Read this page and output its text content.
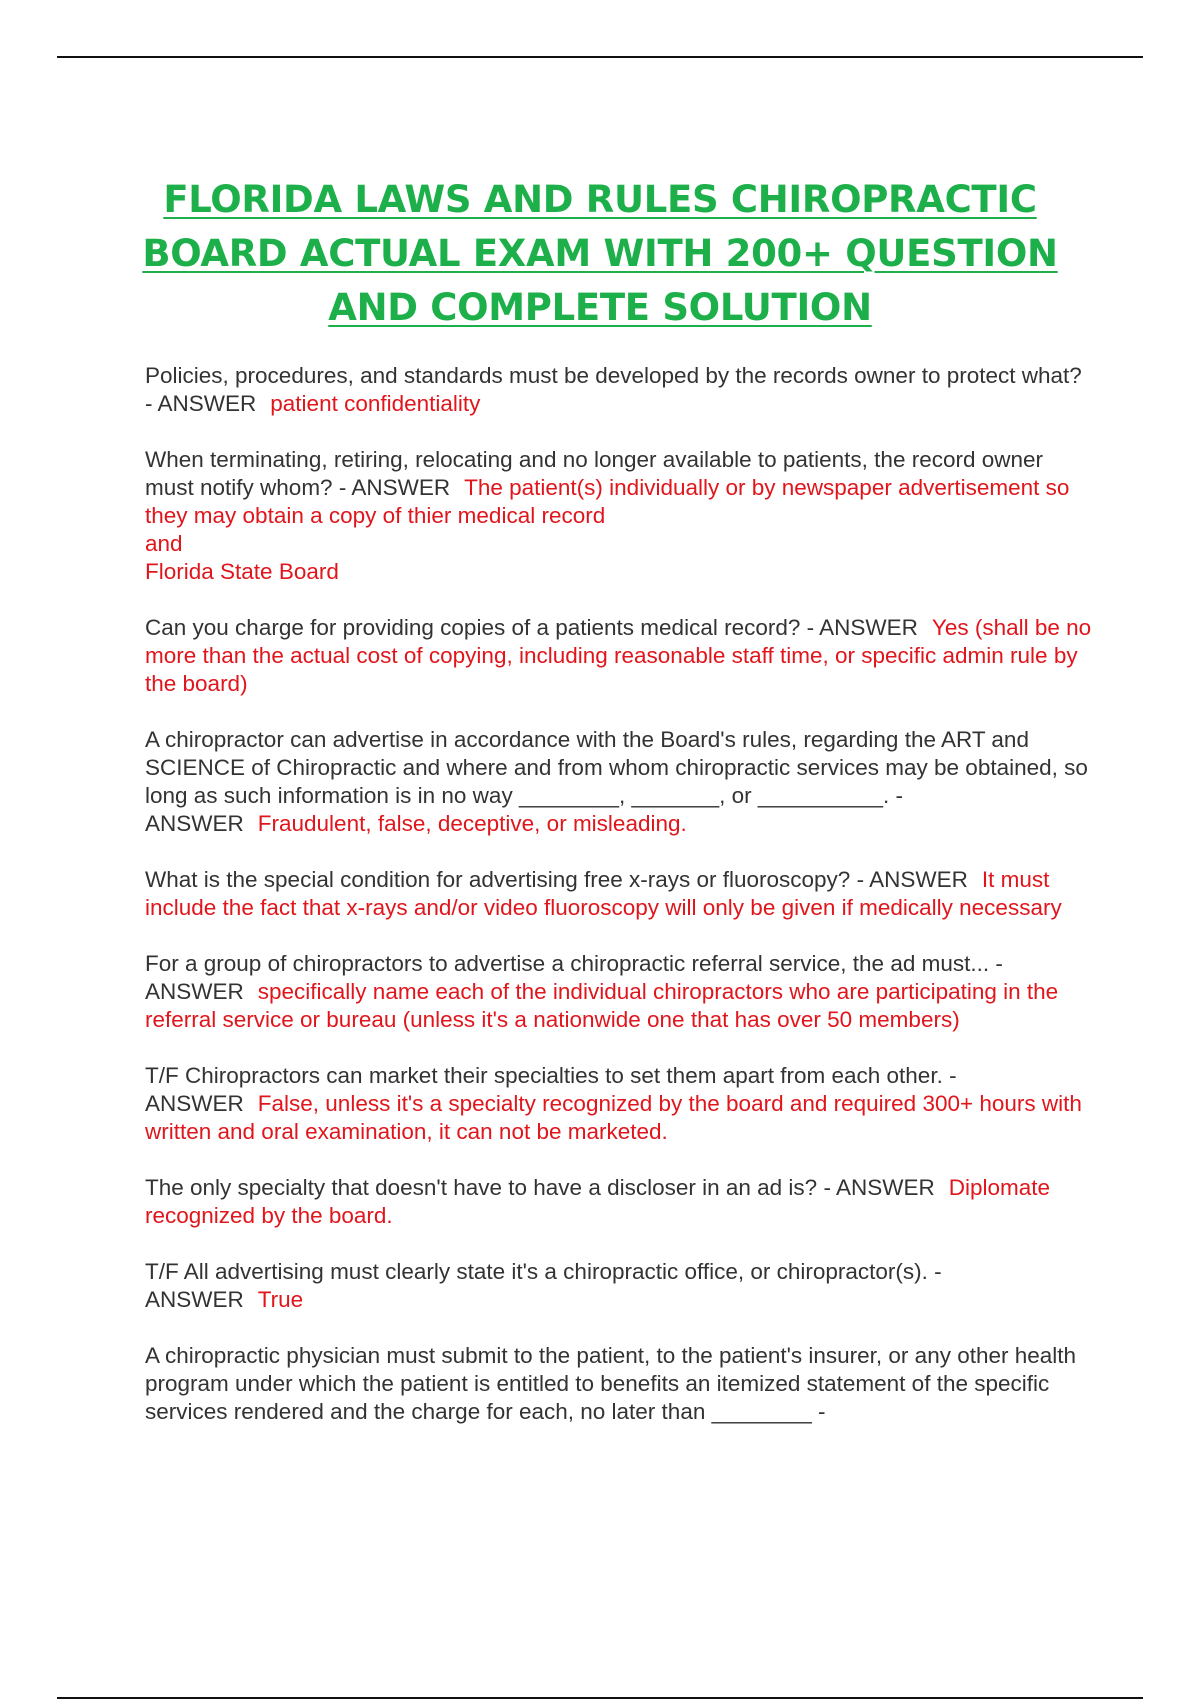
FLORIDA LAWS AND RULES CHIROPRACTIC
BOARD ACTUAL EXAM WITH 200+ QUESTION
AND COMPLETE SOLUTION
Policies, procedures, and standards must be developed by the records owner to protect what? - ANSWER patient confidentiality
When terminating, retiring, relocating and no longer available to patients, the record owner must notify whom? - ANSWER The patient(s) individually or by newspaper advertisement so they may obtain a copy of thier medical record
and
Florida State Board
Can you charge for providing copies of a patients medical record? - ANSWER Yes (shall be no more than the actual cost of copying, including reasonable staff time, or specific admin rule by the board)
A chiropractor can advertise in accordance with the Board's rules, regarding the ART and SCIENCE of Chiropractic and where and from whom chiropractic services may be obtained, so long as such information is in no way ________, _______, or __________. - ANSWER Fraudulent, false, deceptive, or misleading.
What is the special condition for advertising free x-rays or fluoroscopy? - ANSWER It must include the fact that x-rays and/or video fluoroscopy will only be given if medically necessary
For a group of chiropractors to advertise a chiropractic referral service, the ad must... - ANSWER specifically name each of the individual chiropractors who are participating in the referral service or bureau (unless it's a nationwide one that has over 50 members)
T/F Chiropractors can market their specialties to set them apart from each other. - ANSWER False, unless it's a specialty recognized by the board and required 300+ hours with written and oral examination, it can not be marketed.
The only specialty that doesn't have to have a discloser in an ad is? - ANSWER Diplomate recognized by the board.
T/F All advertising must clearly state it's a chiropractic office, or chiropractor(s). - ANSWER True
A chiropractic physician must submit to the patient, to the patient's insurer, or any other health program under which the patient is entitled to benefits an itemized statement of the specific services rendered and the charge for each, no later than ________ -
